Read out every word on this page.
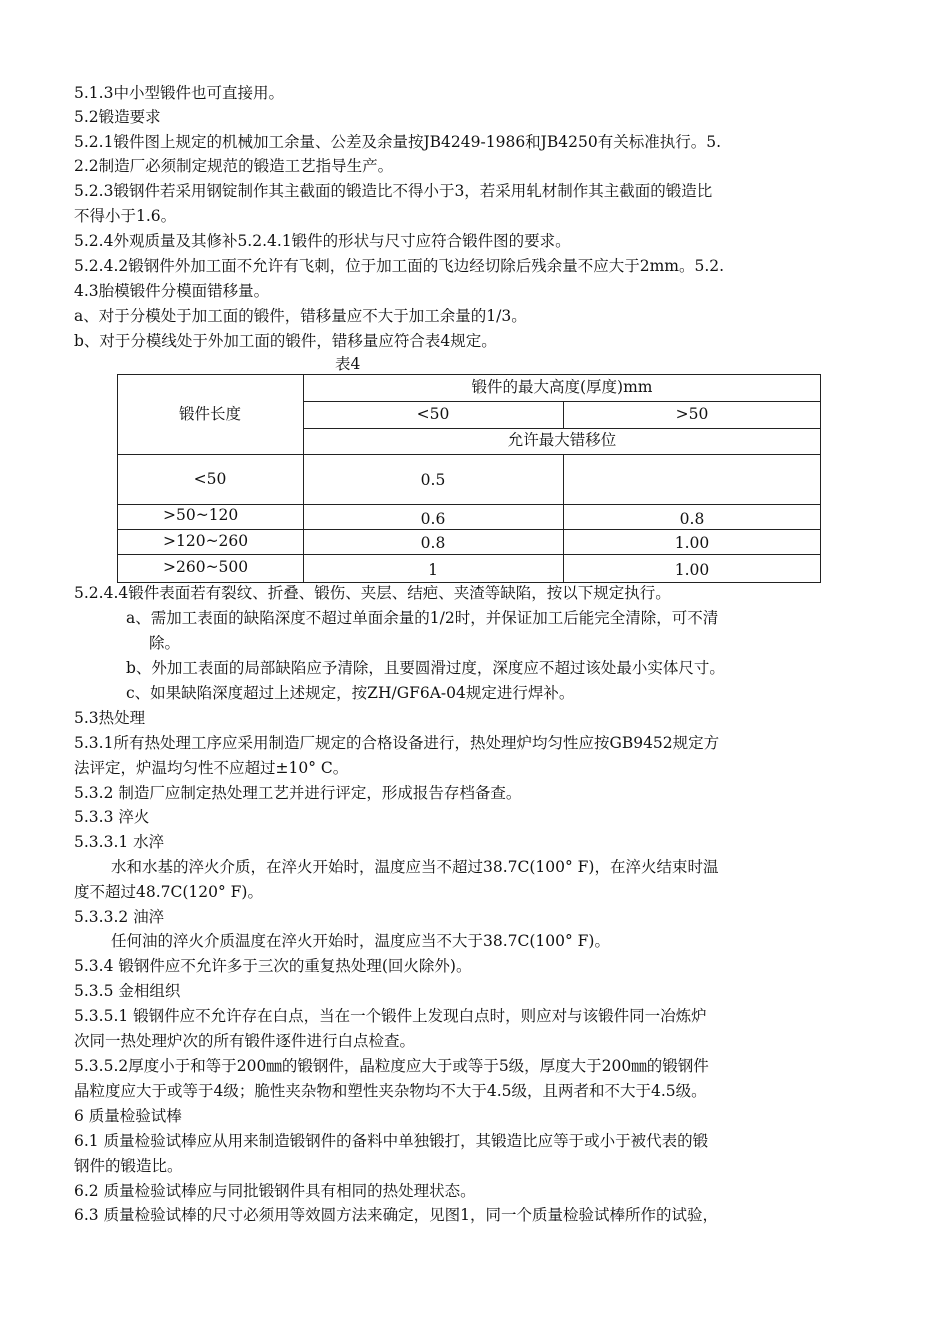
5.1.3中小型锻件也可直接用。
5.2锻造要求
5.2.1锻件图上规定的机械加工余量、公差及余量按JB4249-1986和JB4250有关标准执行。5.
2.2制造厂必须制定规范的锻造工艺指导生产。
5.2.3锻钢件若采用钢锭制作其主截面的锻造比不得小于3，若采用轧材制作其主截面的锻造比
不得小于1.6。
5.2.4外观质量及其修补5.2.4.1锻件的形状与尺寸应符合锻件图的要求。
5.2.4.2锻钢件外加工面不允许有飞刺，位于加工面的飞边经切除后残余量不应大于2mm。5.2.
4.3胎模锻件分模面错移量。
a、对于分模处于加工面的锻件，错移量应不大于加工余量的1/3。
b、对于分模线处于外加工面的锻件，错移量应符合表4规定。
表4
锻件长度
锻件的最大高度(厚度)mm
<50	>50
允许最大错移位
<50	0.5
>50~120	0.6	0.8
>120~260	0.8	1.00
>260~500	1	1.00
5.2.4.4锻件表面若有裂纹、折叠、锻伤、夹层、结疤、夹渣等缺陷，按以下规定执行。
a、需加工表面的缺陷深度不超过单面余量的1/2时，并保证加工后能完全清除，可不清
除。
b、外加工表面的局部缺陷应予清除，且要圆滑过度，深度应不超过该处最小实体尺寸。
c、如果缺陷深度超过上述规定，按ZH/GF6A-04规定进行焊补。
5.3热处理
5.3.1所有热处理工序应采用制造厂规定的合格设备进行，热处理炉均匀性应按GB9452规定方
法评定，炉温均匀性不应超过±10° C。
5.3.2 制造厂应制定热处理工艺并进行评定，形成报告存档备查。
5.3.3 淬火
5.3.3.1 水淬
水和水基的淬火介质，在淬火开始时，温度应当不超过38.7C(100° F)，在淬火结束时温
度不超过48.7C(120° F)。
5.3.3.2 油淬
任何油的淬火介质温度在淬火开始时，温度应当不大于38.7C(100° F)。
5.3.4 锻钢件应不允许多于三次的重复热处理(回火除外)。
5.3.5 金相组织
5.3.5.1 锻钢件应不允许存在白点，当在一个锻件上发现白点时，则应对与该锻件同一冶炼炉
次同一热处理炉次的所有锻件逐件进行白点检查。
5.3.5.2厚度小于和等于200㎜的锻钢件，晶粒度应大于或等于5级，厚度大于200㎜的锻钢件
晶粒度应大于或等于4级；脆性夹杂物和塑性夹杂物均不大于4.5级，且两者和不大于4.5级。
6 质量检验试棒
6.1 质量检验试棒应从用来制造锻钢件的备料中单独锻打，其锻造比应等于或小于被代表的锻
钢件的锻造比。
6.2 质量检验试棒应与同批锻钢件具有相同的热处理状态。
6.3 质量检验试棒的尺寸必须用等效圆方法来确定，见图1，同一个质量检验试棒所作的试验，
